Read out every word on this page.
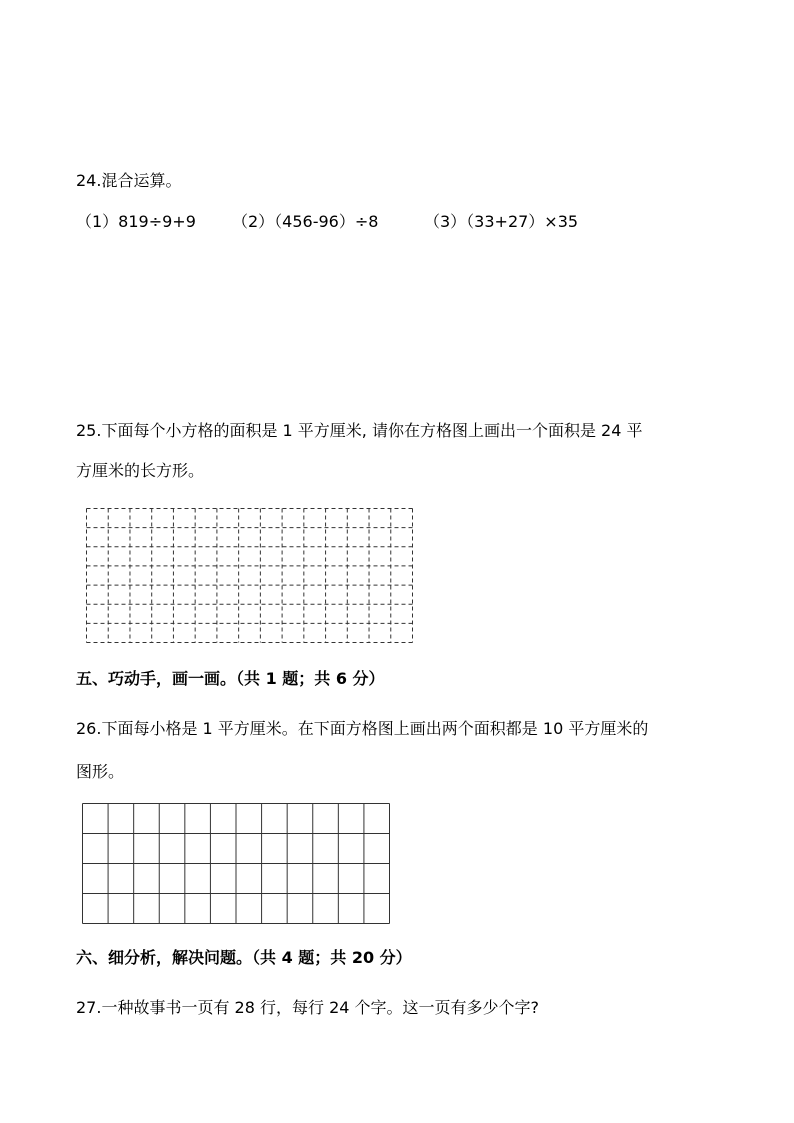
24.混合运算。
（1）819÷9+9 （2）（456-96）÷8	（3）（33+27）×35
25.下面每个小方格的面积是 1 平方厘米, 请你在方格图上画出一个面积是 24 平
方厘米的长方形。
五、巧动手，画一画。（共 1 题；共 6 分）
26.下面每小格是 1 平方厘米。在下面方格图上画出两个面积都是 10 平方厘米的
图形。
六、细分析，解决问题。（共 4 题；共 20 分）
27.一种故事书一页有 28 行，每行 24 个字。这一页有多少个字?
